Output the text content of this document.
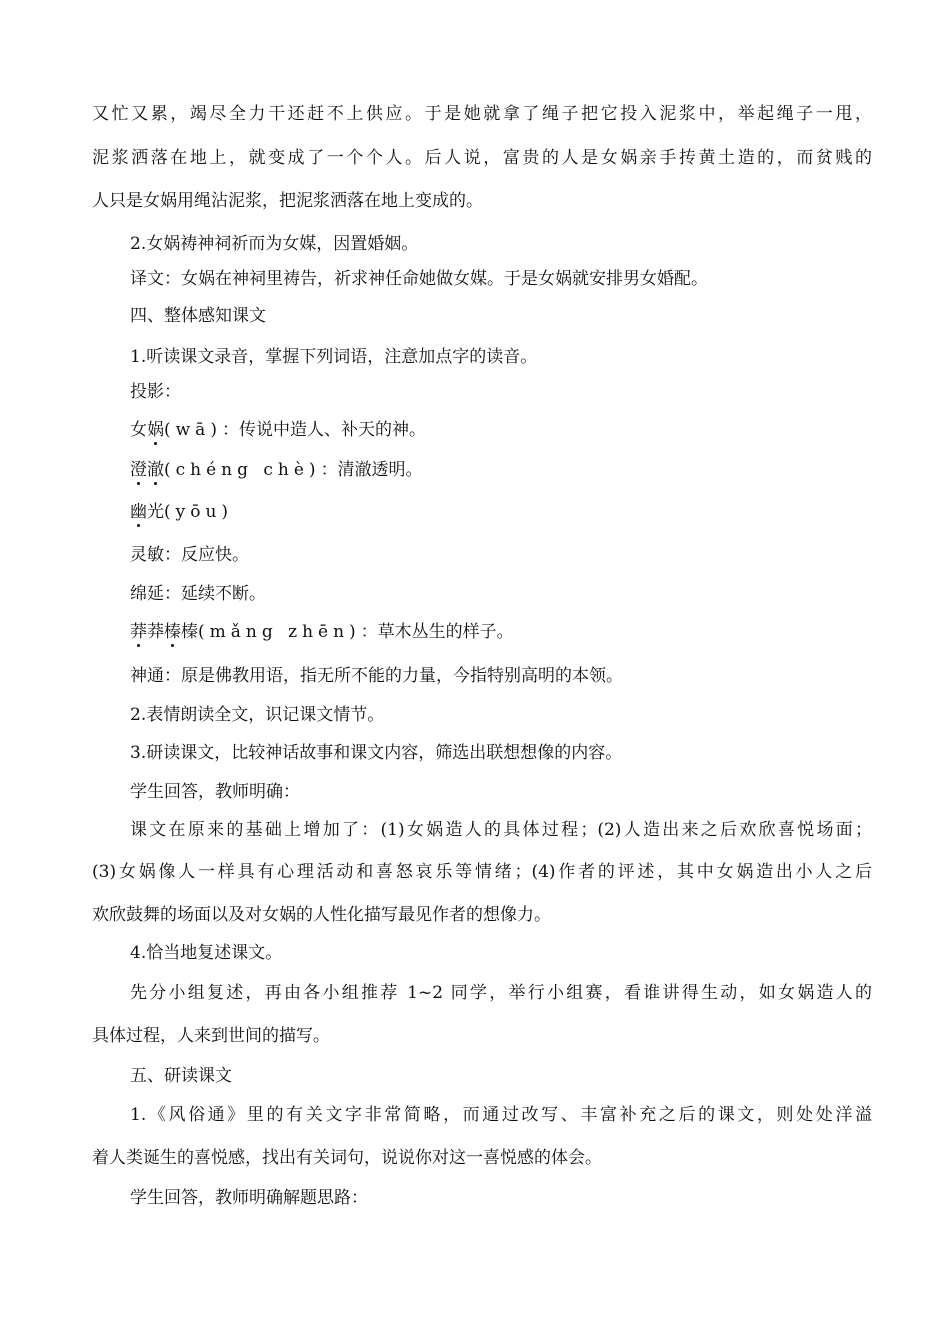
又忙又累，竭尽全力干还赶不上供应。于是她就拿了绳子把它投入泥浆中，举起绳子一甩，
泥浆洒落在地上，就变成了一个个人。后人说，富贵的人是女娲亲手抟黄土造的，而贫贱的
人只是女娲用绳沾泥浆，把泥浆洒落在地上变成的。
2.女娲祷神祠祈而为女媒，因置婚姻。
译文：女娲在神祠里祷告，祈求神任命她做女媒。于是女娲就安排男女婚配。
四、整体感知课文
1.听读课文录音，掌握下列词语，注意加点字的读音。
投影：
女娲(wā)：传说中造人、补天的神。
澄澈(chéng chè)：清澈透明。
幽光(yōu)
灵敏：反应快。
绵延：延续不断。
莽莽榛榛(mǎng zhēn)：草木丛生的样子。
神通：原是佛教用语，指无所不能的力量，今指特别高明的本领。
2.表情朗读全文，识记课文情节。
3.研读课文，比较神话故事和课文内容，筛选出联想想像的内容。
学生回答，教师明确：
课文在原来的基础上增加了：(1)女娲造人的具体过程；(2)人造出来之后欢欣喜悦场面；
(3)女娲像人一样具有心理活动和喜怒哀乐等情绪；(4)作者的评述，其中女娲造出小人之后
欢欣鼓舞的场面以及对女娲的人性化描写最见作者的想像力。
4.恰当地复述课文。
先分小组复述，再由各小组推荐 1~2 同学，举行小组赛，看谁讲得生动，如女娲造人的
具体过程，人来到世间的描写。
五、研读课文
1.《风俗通》里的有关文字非常简略，而通过改写、丰富补充之后的课文，则处处洋溢
着人类诞生的喜悦感，找出有关词句，说说你对这一喜悦感的体会。
学生回答，教师明确解题思路：
